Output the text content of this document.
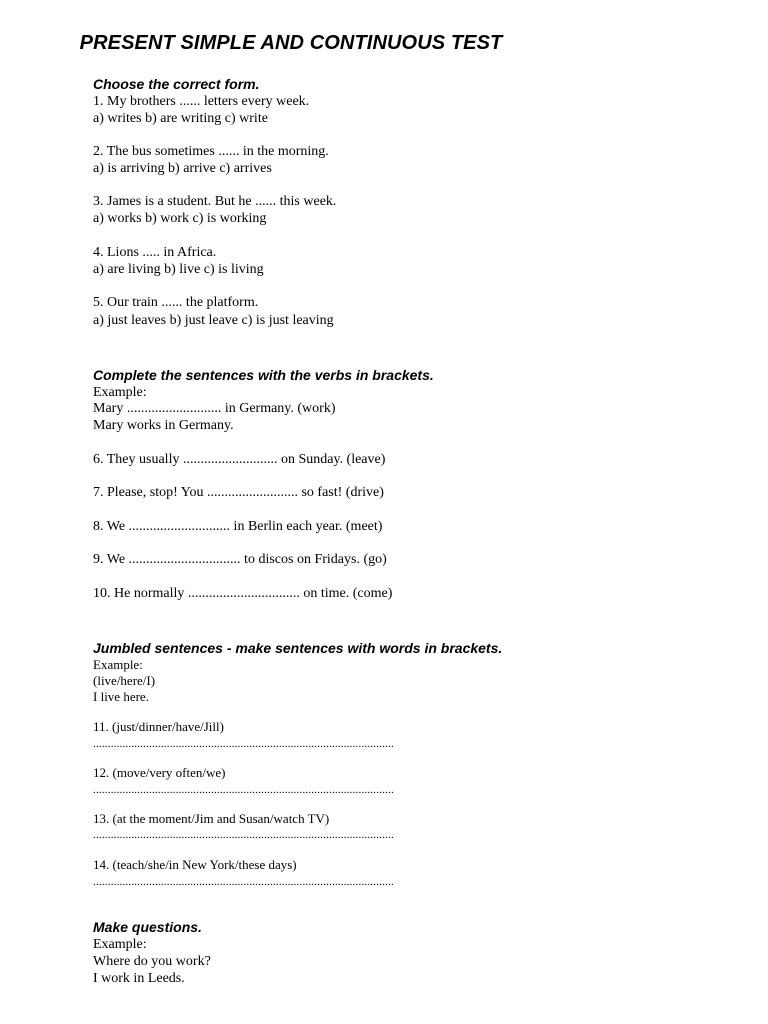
PRESENT SIMPLE AND CONTINUOUS TEST

Choose the correct form.

1. My brothers ...... letters every week.

a) writes b) are writing c) write

2. The bus sometimes ...... in the morning.

a) is arriving b) arrive c) arrives

3. James is a student. But he ...... this week.

a) works b) work c) is working

4. Lions ..... in Africa.

a) are living b) live c) is living

5. Our train ...... the platform.

a) just leaves b) just leave c) is just leaving

Complete the sentences with the verbs in brackets.

Example:

Mary ........................... in Germany. (work)

Mary works in Germany.

6. They usually ........................... on Sunday. (leave)

7. Please, stop! You .......................... so fast! (drive)

8. We ............................. in Berlin each year. (meet)

9. We ................................ to discos on Fridays. (go)

10. He normally ................................ on time. (come)

Jumbled sentences - make sentences with words in brackets.

Example:

(live/here/I)

I live here.

11. (just/dinner/have/Jill)

......................................................................................................

12. (move/very often/we)

......................................................................................................

13. (at the moment/Jim and Susan/watch TV)

......................................................................................................

14. (teach/she/in New York/these days)

......................................................................................................

Make questions.

Example:

Where do you work?

I work in Leeds.
